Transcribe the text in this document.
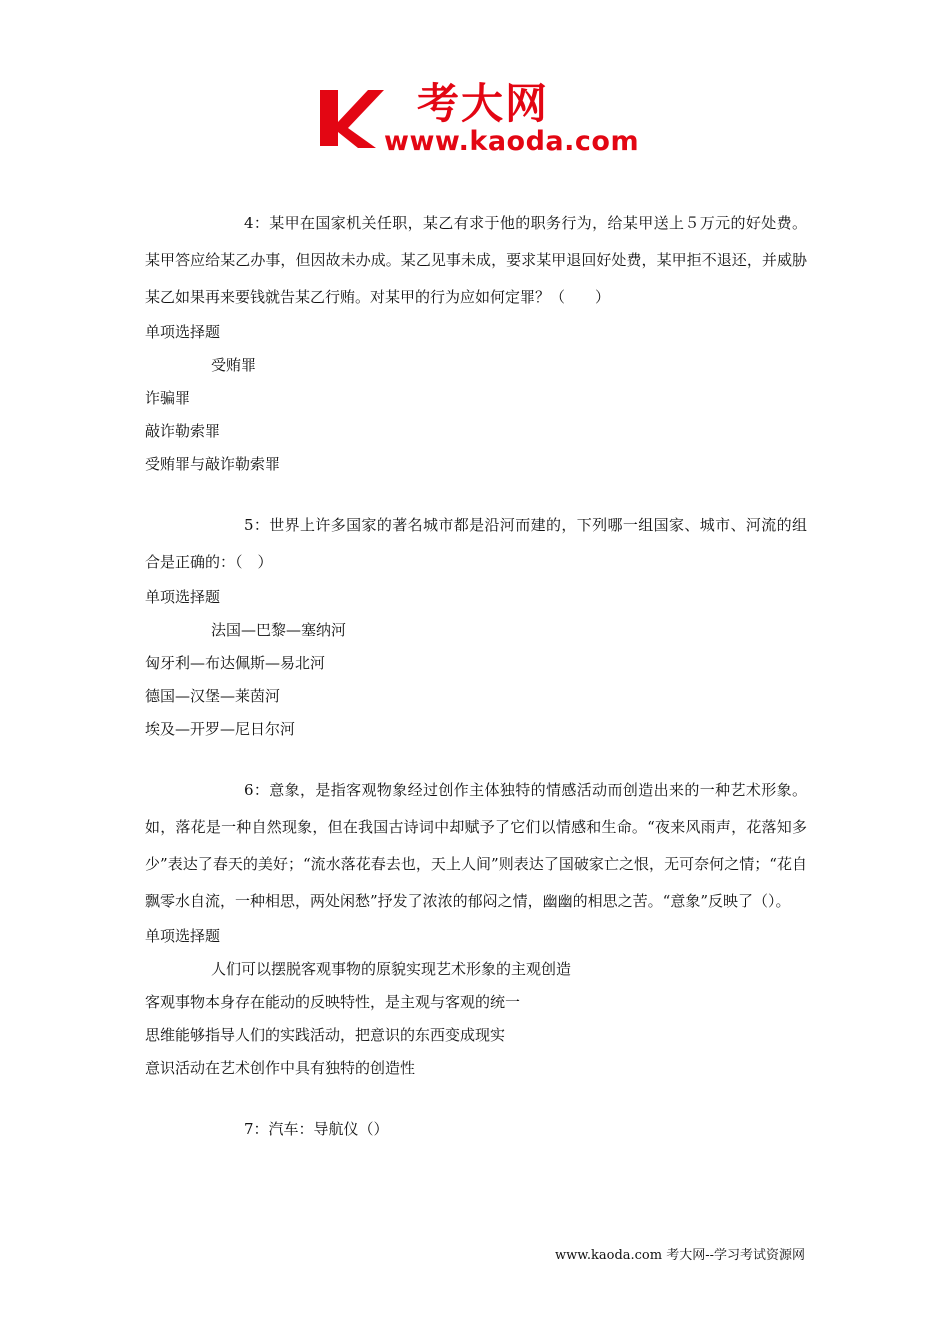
考大网
www.kaoda.com

4：某甲在国家机关任职，某乙有求于他的职务行为，给某甲送上５万元的好处费。某甲答应给某乙办事，但因故未办成。某乙见事未成，要求某甲退回好处费，某甲拒不退还，并威胁某乙如果再来要钱就告某乙行贿。对某甲的行为应如何定罪？（　　）

单项选择题

受贿罪

诈骗罪

敲诈勒索罪

受贿罪与敲诈勒索罪

5：世界上许多国家的著名城市都是沿河而建的，下列哪一组国家、城市、河流的组合是正确的：（　）

单项选择题

法国—巴黎—塞纳河

匈牙利—布达佩斯—易北河

德国—汉堡—莱茵河

埃及—开罗—尼日尔河

6：意象，是指客观物象经过创作主体独特的情感活动而创造出来的一种艺术形象。如，落花是一种自然现象，但在我国古诗词中却赋予了它们以情感和生命。“夜来风雨声，花落知多少”表达了春天的美好；“流水落花春去也，天上人间”则表达了国破家亡之恨，无可奈何之情；“花自飘零水自流，一种相思，两处闲愁”抒发了浓浓的郁闷之情，幽幽的相思之苦。“意象”反映了（）。

单项选择题

人们可以摆脱客观事物的原貌实现艺术形象的主观创造

客观事物本身存在能动的反映特性，是主观与客观的统一

思维能够指导人们的实践活动，把意识的东西变成现实

意识活动在艺术创作中具有独特的创造性

7：汽车：导航仪（）

www.kaoda.com 考大网--学习考试资源网
